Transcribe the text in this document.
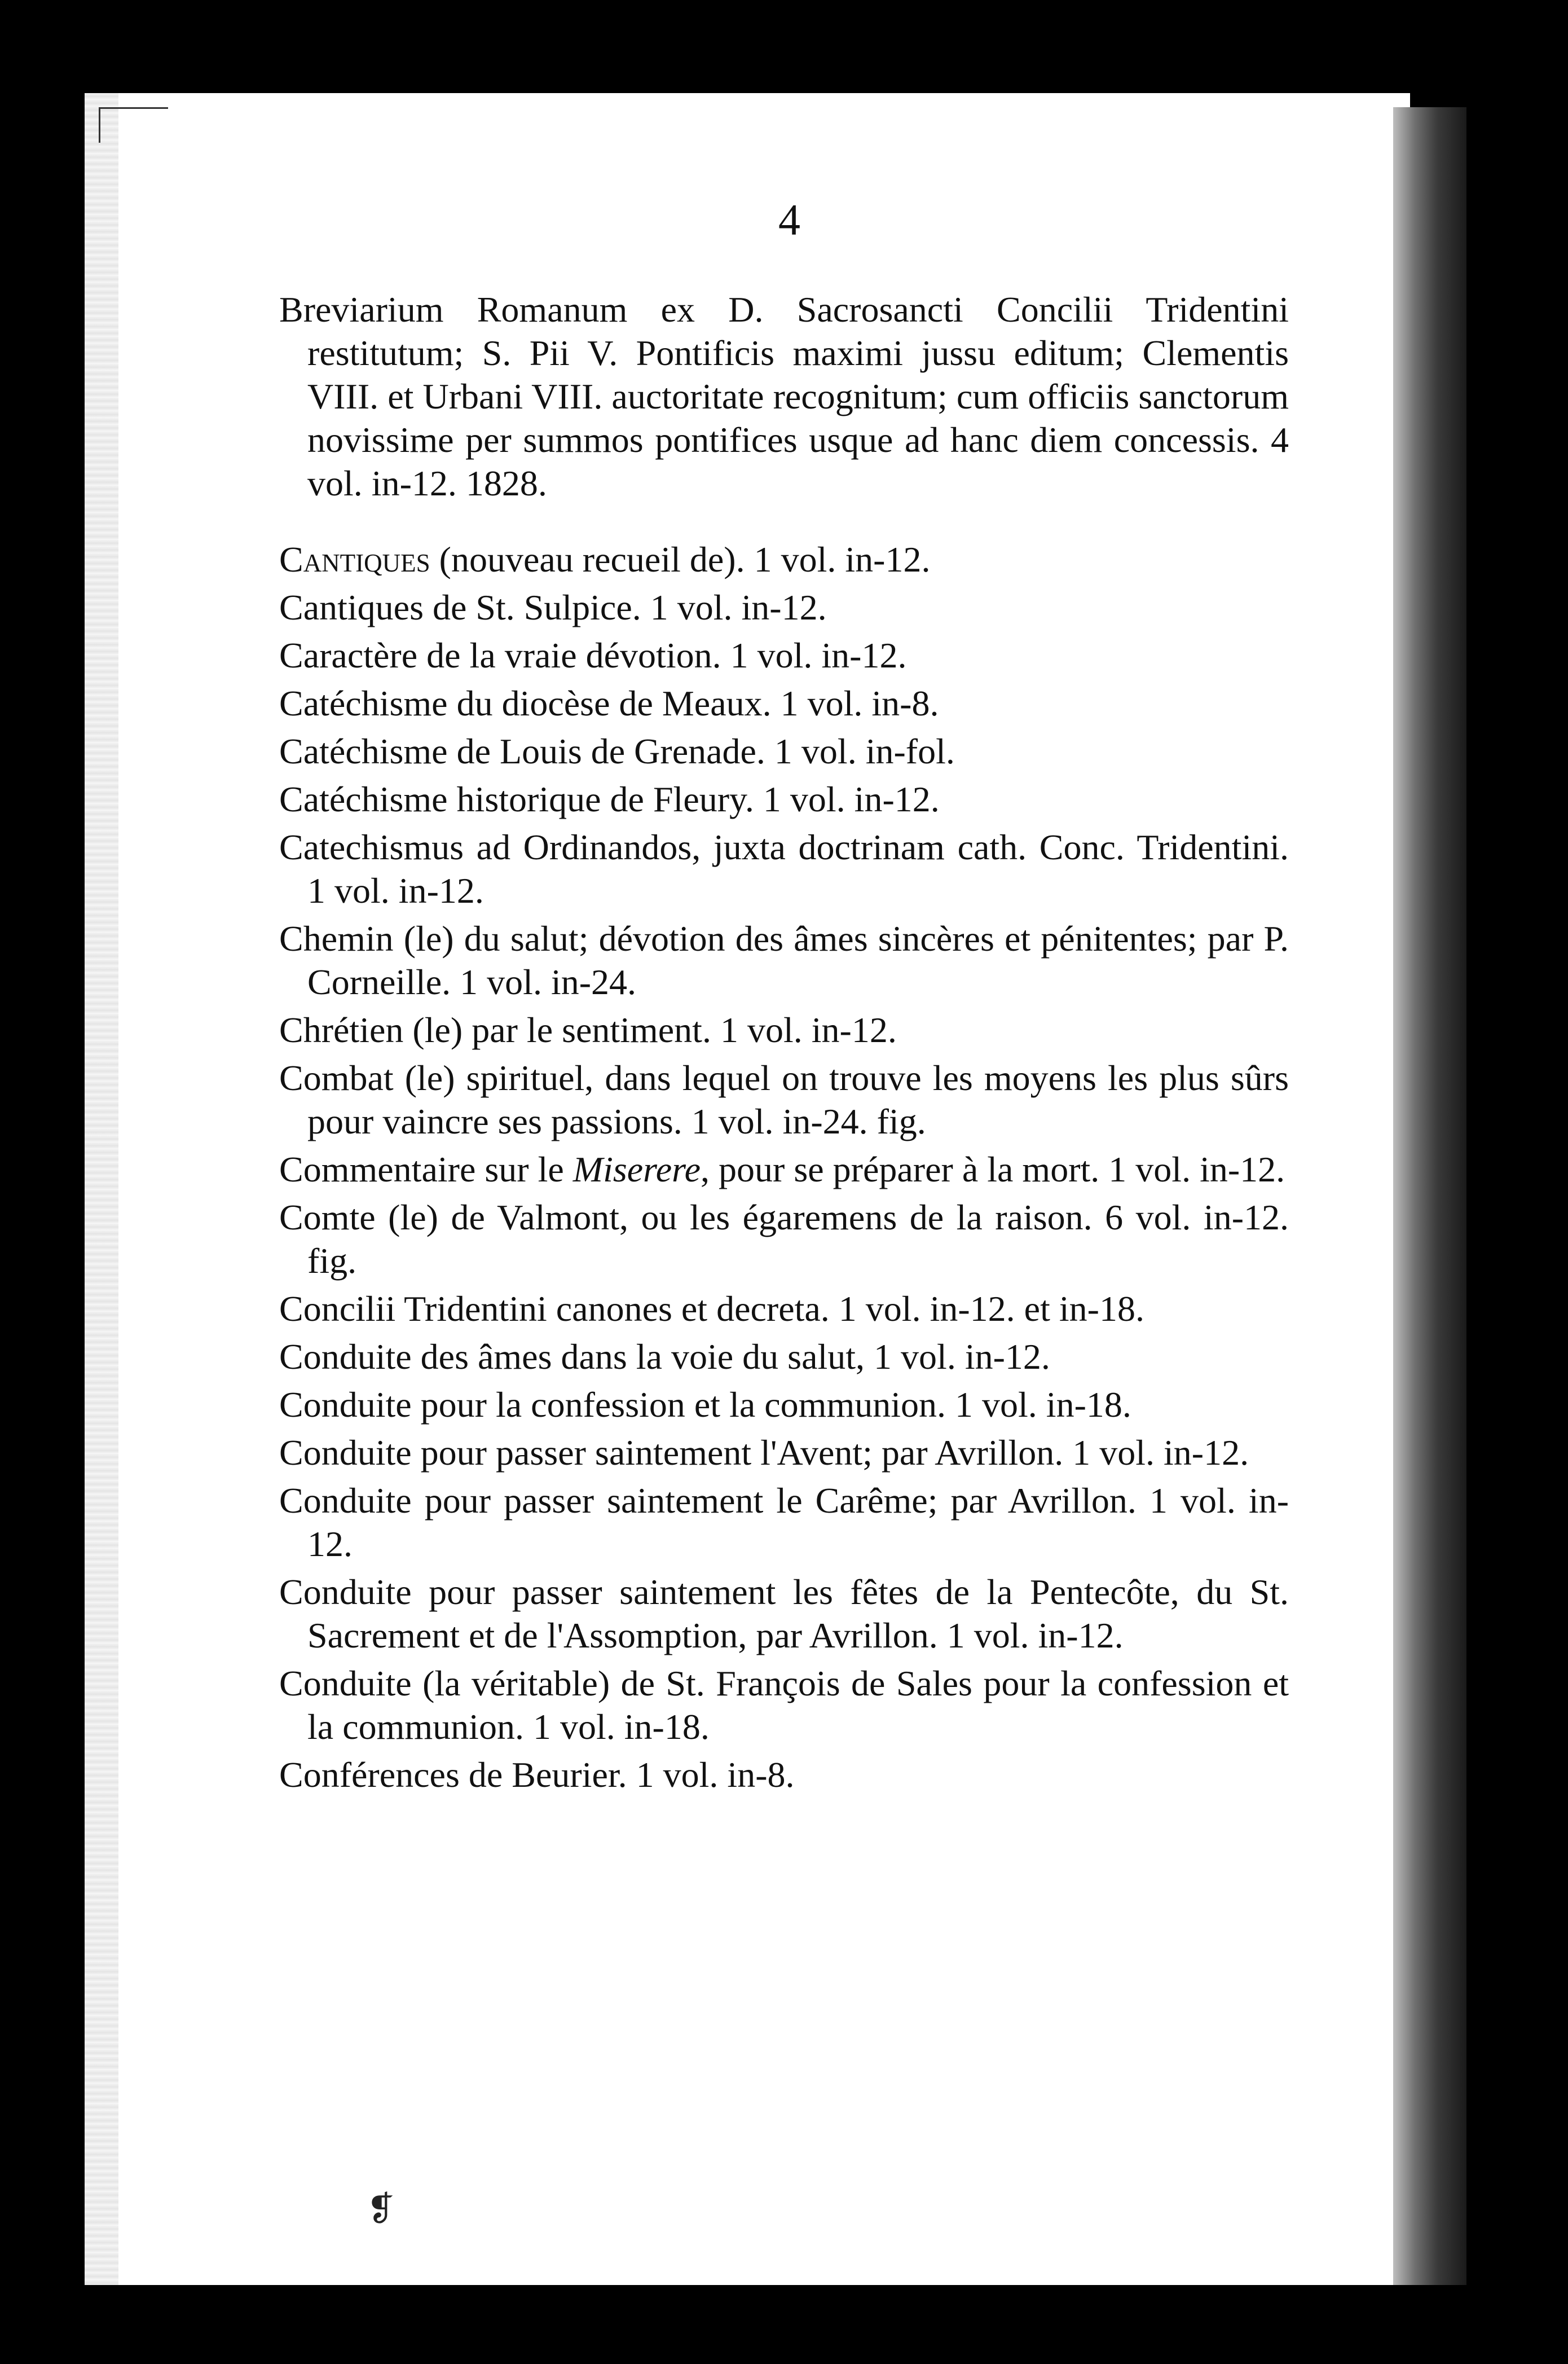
4

Breviarium Romanum ex D. Sacrosancti Concilii Tridentini restitutum; S. Pii V. Pontificis maximi jussu editum; Clementis VIII. et Urbani VIII. auctoritate recognitum; cum officiis sanctorum novissime per summos pontifices usque ad hanc diem concessis. 4 vol. in-12. 1828.

Cantiques (nouveau recueil de). 1 vol. in-12.

Cantiques de St. Sulpice. 1 vol. in-12.

Caractère de la vraie dévotion. 1 vol. in-12.

Catéchisme du diocèse de Meaux. 1 vol. in-8.

Catéchisme de Louis de Grenade. 1 vol. in-fol.

Catéchisme historique de Fleury. 1 vol. in-12.

Catechismus ad Ordinandos, juxta doctrinam cath. Conc. Tridentini. 1 vol. in-12.

Chemin (le) du salut; dévotion des âmes sincères et pénitentes; par P. Corneille. 1 vol. in-24.

Chrétien (le) par le sentiment. 1 vol. in-12.

Combat (le) spirituel, dans lequel on trouve les moyens les plus sûrs pour vaincre ses passions. 1 vol. in-24. fig.

Commentaire sur le Miserere, pour se préparer à la mort. 1 vol. in-12.

Comte (le) de Valmont, ou les égaremens de la raison. 6 vol. in-12. fig.

Concilii Tridentini canones et decreta. 1 vol. in-12. et in-18.

Conduite des âmes dans la voie du salut, 1 vol. in-12.

Conduite pour la confession et la communion. 1 vol. in-18.

Conduite pour passer saintement l'Avent; par Avrillon. 1 vol. in-12.

Conduite pour passer saintement le Carême; par Avrillon. 1 vol. in-12.

Conduite pour passer saintement les fêtes de la Pentecôte, du St. Sacrement et de l'Assomption, par Avrillon. 1 vol. in-12.

Conduite (la véritable) de St. François de Sales pour la confession et la communion. 1 vol. in-18.

Conférences de Beurier. 1 vol. in-8.

❡
